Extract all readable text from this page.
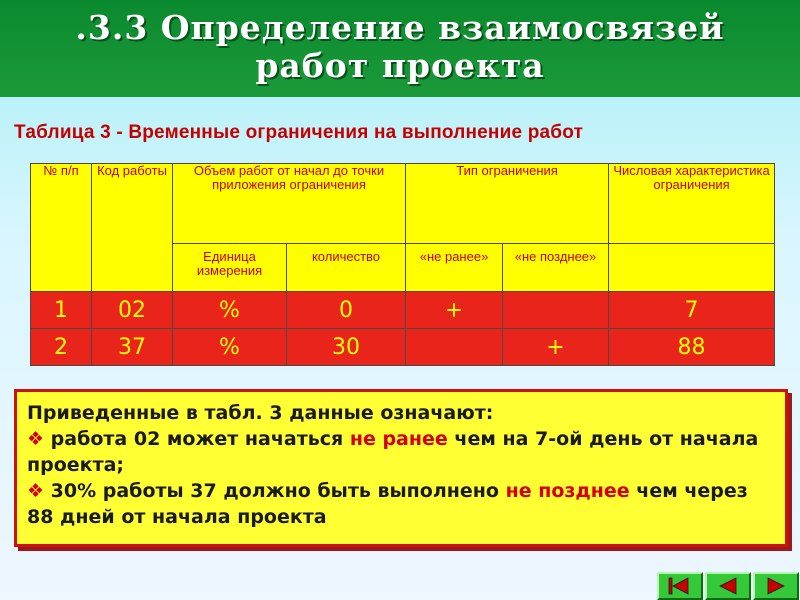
.3.3 Определение взаимосвязей
работ проекта
Таблица 3 - Временные ограничения на выполнение работ
№ п/п	Код работы	Объем работ от начал до точки приложения ограничения		Тип ограничения		Числовая характеристика ограничения
		Единица измерения	количество	«не ранее»	«не позднее»	
1	02	%	0	+		7
2	37	%	30		+	88
Приведенные в табл. 3 данные означают:
❖ работа 02 может начаться не ранее чем на 7-ой день от начала проекта;
❖ 30% работы 37 должно быть выполнено не позднее чем через 88 дней от начала проекта
